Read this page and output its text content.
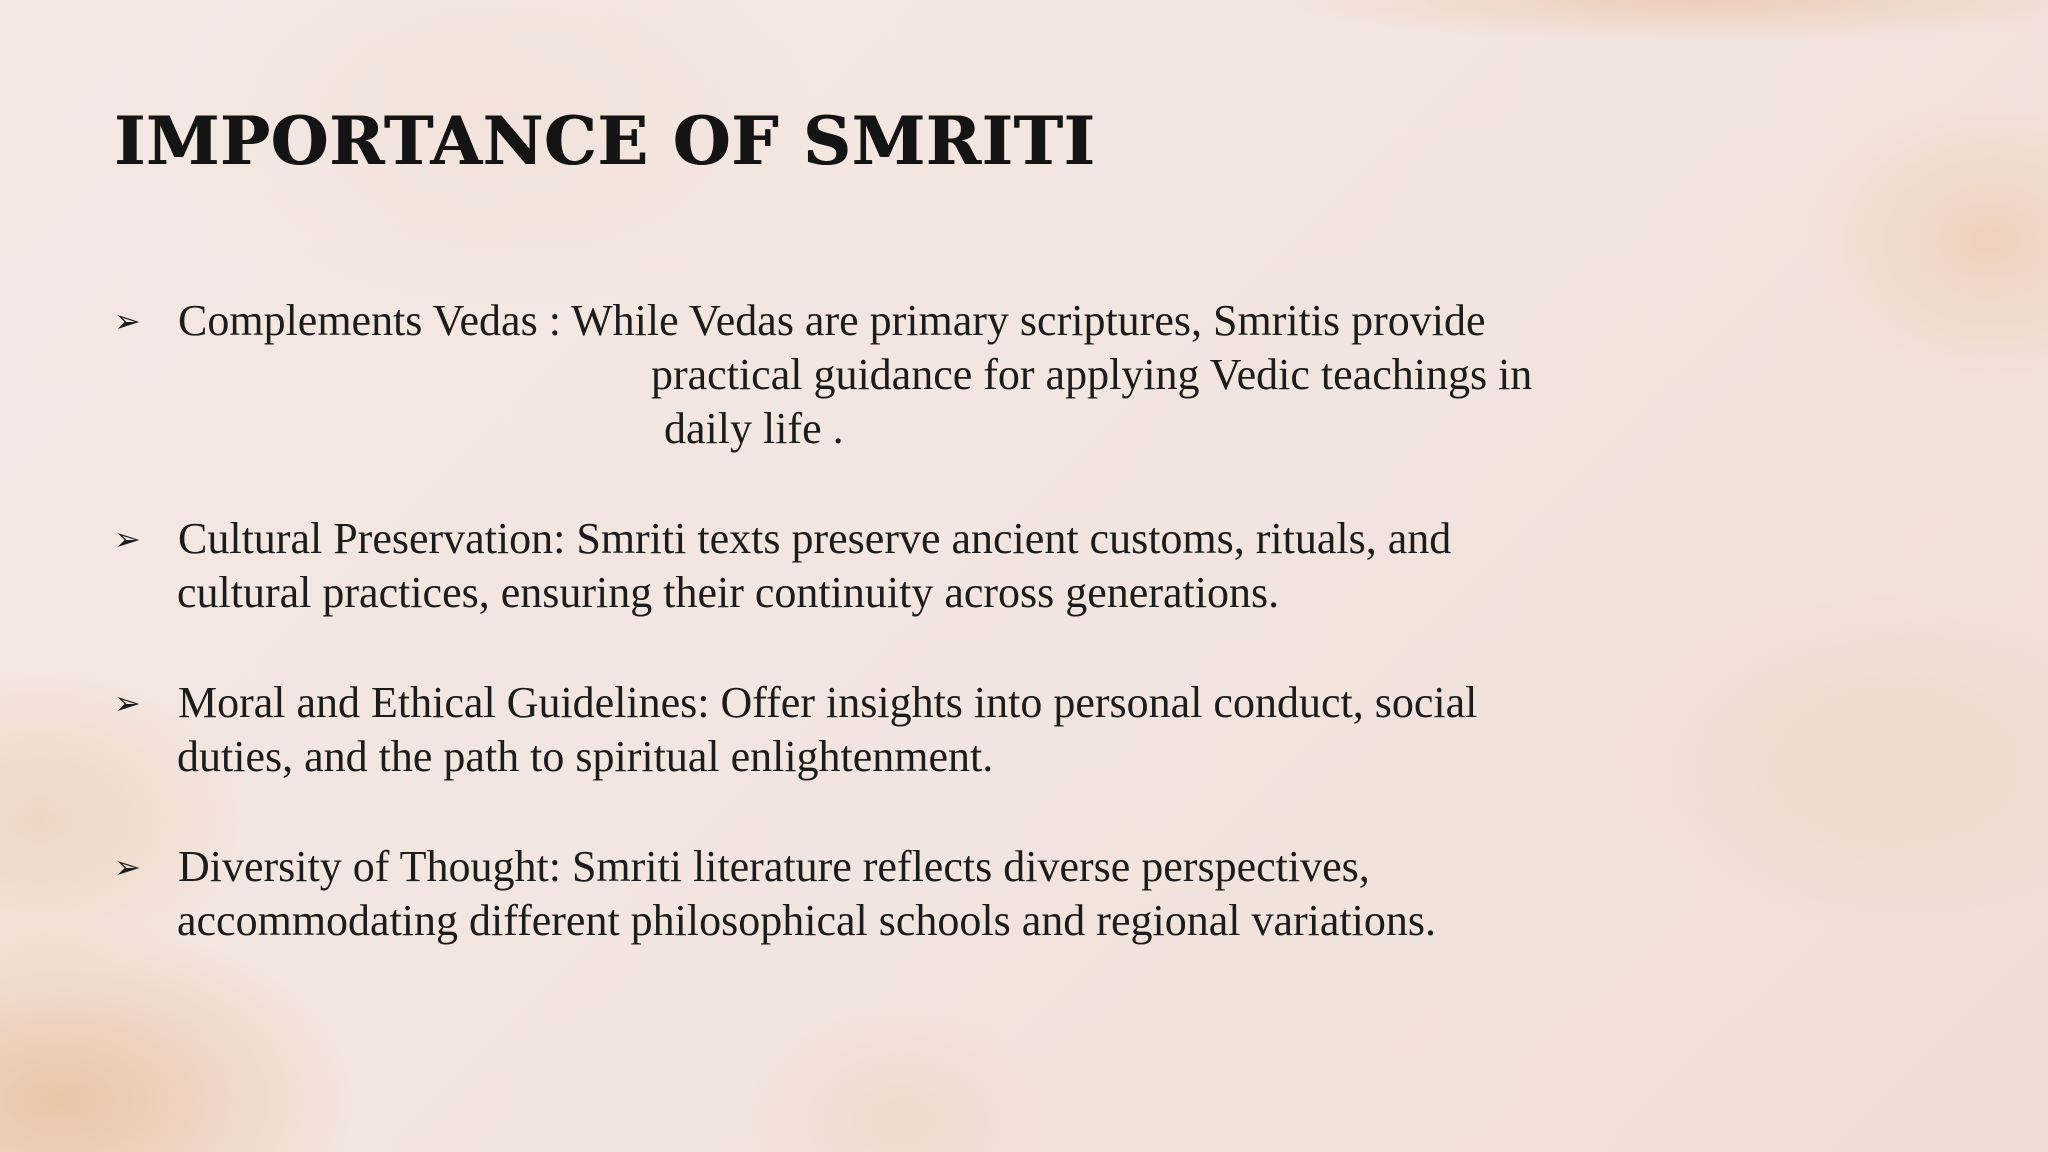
IMPORTANCE OF SMRITI
➢ Complements Vedas : While Vedas are primary scriptures, Smritis provide
practical guidance for applying Vedic teachings in
daily life .
➢ Cultural Preservation: Smriti texts preserve ancient customs, rituals, and
cultural practices, ensuring their continuity across generations.
➢ Moral and Ethical Guidelines: Offer insights into personal conduct, social
duties, and the path to spiritual enlightenment.
➢ Diversity of Thought: Smriti literature reflects diverse perspectives,
accommodating different philosophical schools and regional variations.
